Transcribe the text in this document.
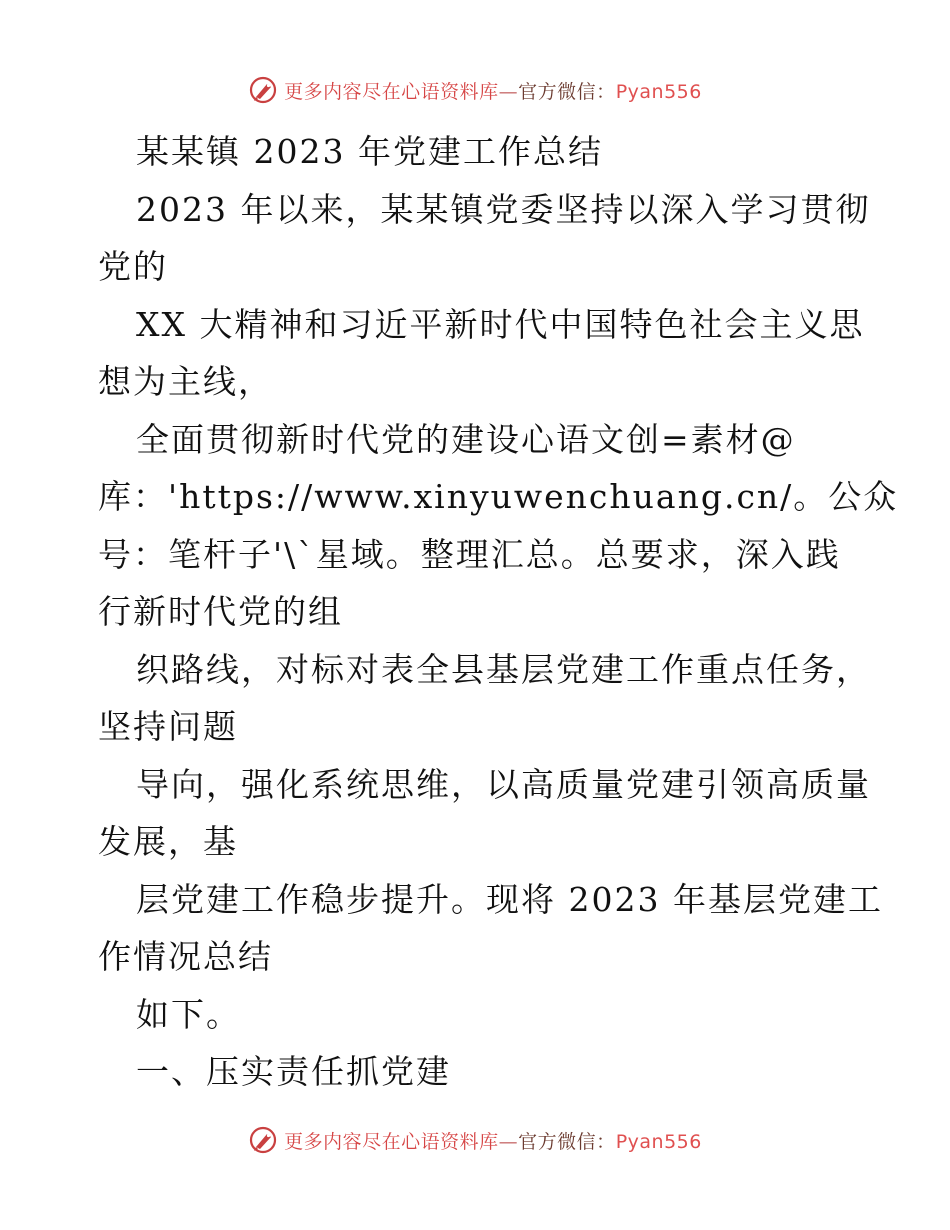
更多内容尽在心语资料库—官方微信：Pyan556
某某镇 2023 年党建工作总结
2023 年以来，某某镇党委坚持以深入学习贯彻
党的
XX 大精神和习近平新时代中国特色社会主义思
想为主线，
全面贯彻新时代党的建设心语文创=素材@
库：'https://www.xinyuwenchuang.cn/。公众
号：笔杆子'\`星域。整理汇总。总要求，深入践
行新时代党的组
织路线，对标对表全县基层党建工作重点任务，
坚持问题
导向，强化系统思维，以高质量党建引领高质量
发展，基
层党建工作稳步提升。现将 2023 年基层党建工
作情况总结
如下。
一、压实责任抓党建
更多内容尽在心语资料库—官方微信：Pyan556
